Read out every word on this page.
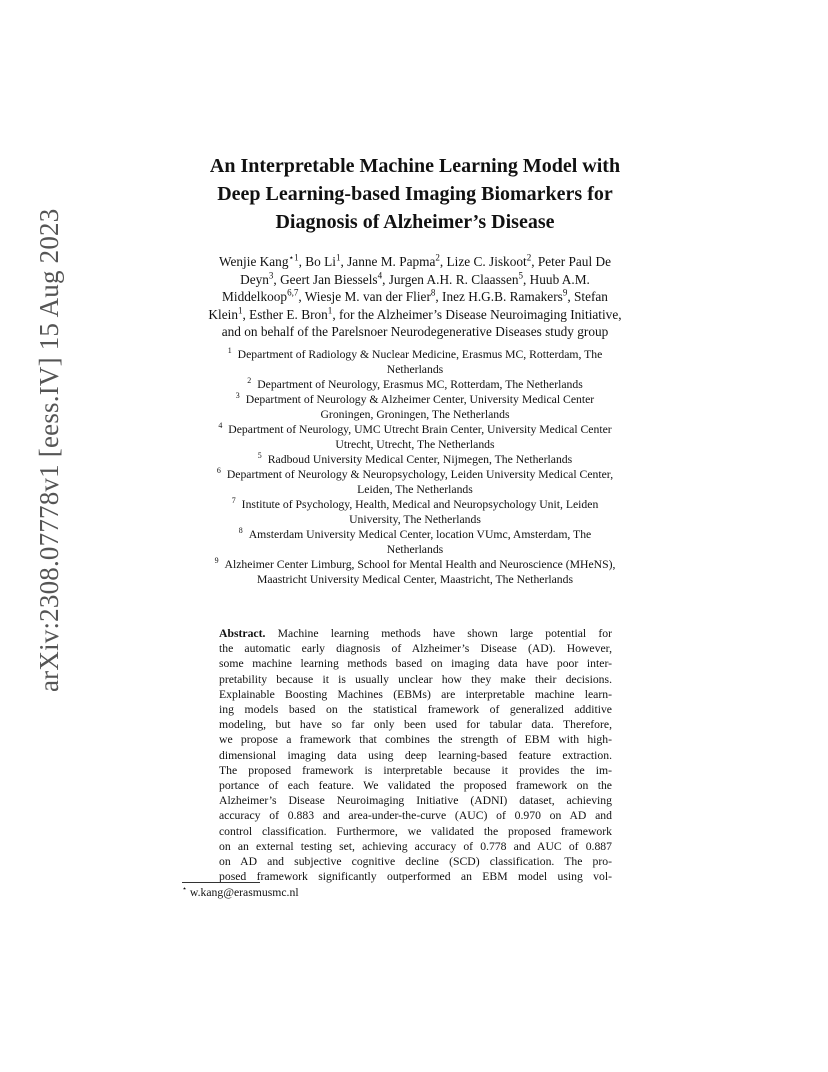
arXiv:2308.07778v1 [eess.IV] 15 Aug 2023
An Interpretable Machine Learning Model with
Deep Learning-based Imaging Biomarkers for
Diagnosis of Alzheimer’s Disease
Wenjie Kang$^{⋆1}$, Bo Li$^1$, Janne M. Papma$^2$, Lize C. Jiskoot$^2$, Peter Paul De
Deyn$^3$, Geert Jan Biessels$^4$, Jurgen A.H. R. Claassen$^5$, Huub A.M.
Middelkoop$^{6,7}$, Wiesje M. van der Flier$^8$, Inez H.G.B. Ramakers$^9$, Stefan
Klein$^1$, Esther E. Bron$^1$, for the Alzheimer’s Disease Neuroimaging Initiative,
and on behalf of the Parelsnoer Neurodegenerative Diseases study group
$^1$ Department of Radiology & Nuclear Medicine, Erasmus MC, Rotterdam, The
Netherlands
$^2$ Department of Neurology, Erasmus MC, Rotterdam, The Netherlands
$^3$ Department of Neurology & Alzheimer Center, University Medical Center
Groningen, Groningen, The Netherlands
$^4$ Department of Neurology, UMC Utrecht Brain Center, University Medical Center
Utrecht, Utrecht, The Netherlands
$^5$ Radboud University Medical Center, Nijmegen, The Netherlands
$^6$ Department of Neurology & Neuropsychology, Leiden University Medical Center,
Leiden, The Netherlands
$^7$ Institute of Psychology, Health, Medical and Neuropsychology Unit, Leiden
University, The Netherlands
$^8$ Amsterdam University Medical Center, location VUmc, Amsterdam, The
Netherlands
$^9$ Alzheimer Center Limburg, School for Mental Health and Neuroscience (MHeNS),
Maastricht University Medical Center, Maastricht, The Netherlands
Abstract. Machine learning methods have shown large potential for
the automatic early diagnosis of Alzheimer’s Disease (AD). However,
some machine learning methods based on imaging data have poor inter-
pretability because it is usually unclear how they make their decisions.
Explainable Boosting Machines (EBMs) are interpretable machine learn-
ing models based on the statistical framework of generalized additive
modeling, but have so far only been used for tabular data. Therefore,
we propose a framework that combines the strength of EBM with high-
dimensional imaging data using deep learning-based feature extraction.
The proposed framework is interpretable because it provides the im-
portance of each feature. We validated the proposed framework on the
Alzheimer’s Disease Neuroimaging Initiative (ADNI) dataset, achieving
accuracy of 0.883 and area-under-the-curve (AUC) of 0.970 on AD and
control classification. Furthermore, we validated the proposed framework
on an external testing set, achieving accuracy of 0.778 and AUC of 0.887
on AD and subjective cognitive decline (SCD) classification. The pro-
posed framework significantly outperformed an EBM model using vol-
⋆ w.kang@erasmusmc.nl
